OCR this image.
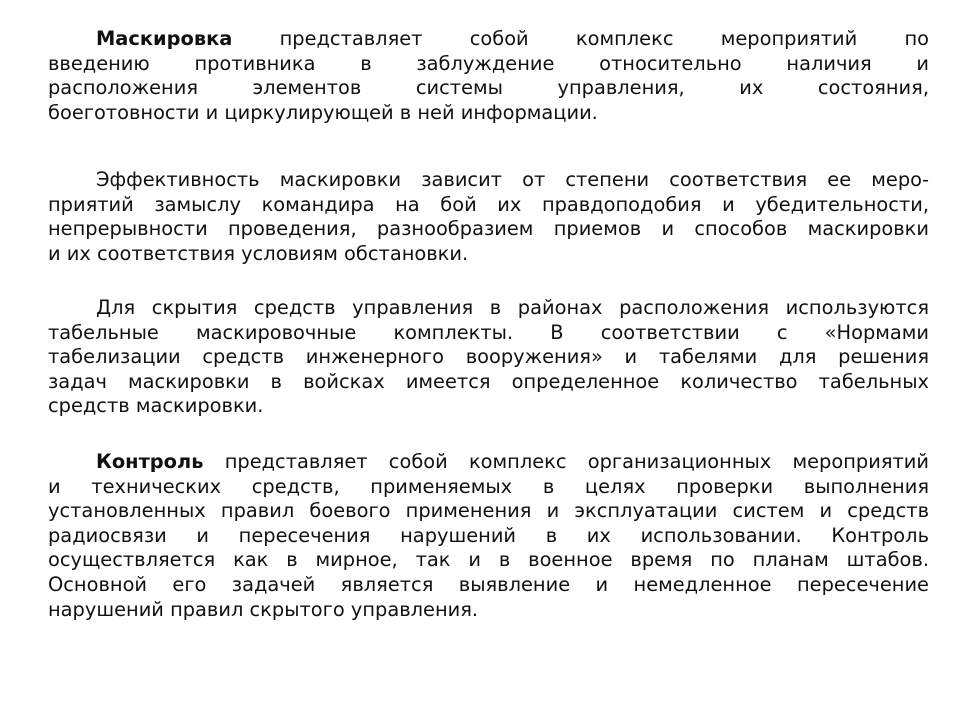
Маскировка представляет собой комплекс мероприятий по
введению противника в заблуждение относительно наличия и
расположения элементов системы управления, их состояния,
боеготовности и циркулирующей в ней информации.
Эффективность маскировки зависит от степени соответствия ее меро-
приятий замыслу командира на бой их правдоподобия и убедительности,
непрерывности проведения, разнообразием приемов и способов маскировки
и их соответствия условиям обстановки.
Для скрытия средств управления в районах расположения используются
табельные маскировочные комплекты. В соответствии с «Нормами
табелизации средств инженерного вооружения» и табелями для решения
задач маскировки в войсках имеется определенное количество табельных
средств маскировки.
Контроль представляет собой комплекс организационных мероприятий
и технических средств, применяемых в целях проверки выполнения
установленных правил боевого применения и эксплуатации систем и средств
радиосвязи и пересечения нарушений в их использовании. Контроль
осуществляется как в мирное, так и в военное время по планам штабов.
Основной его задачей является выявление и немедленное пересечение
нарушений правил скрытого управления.
